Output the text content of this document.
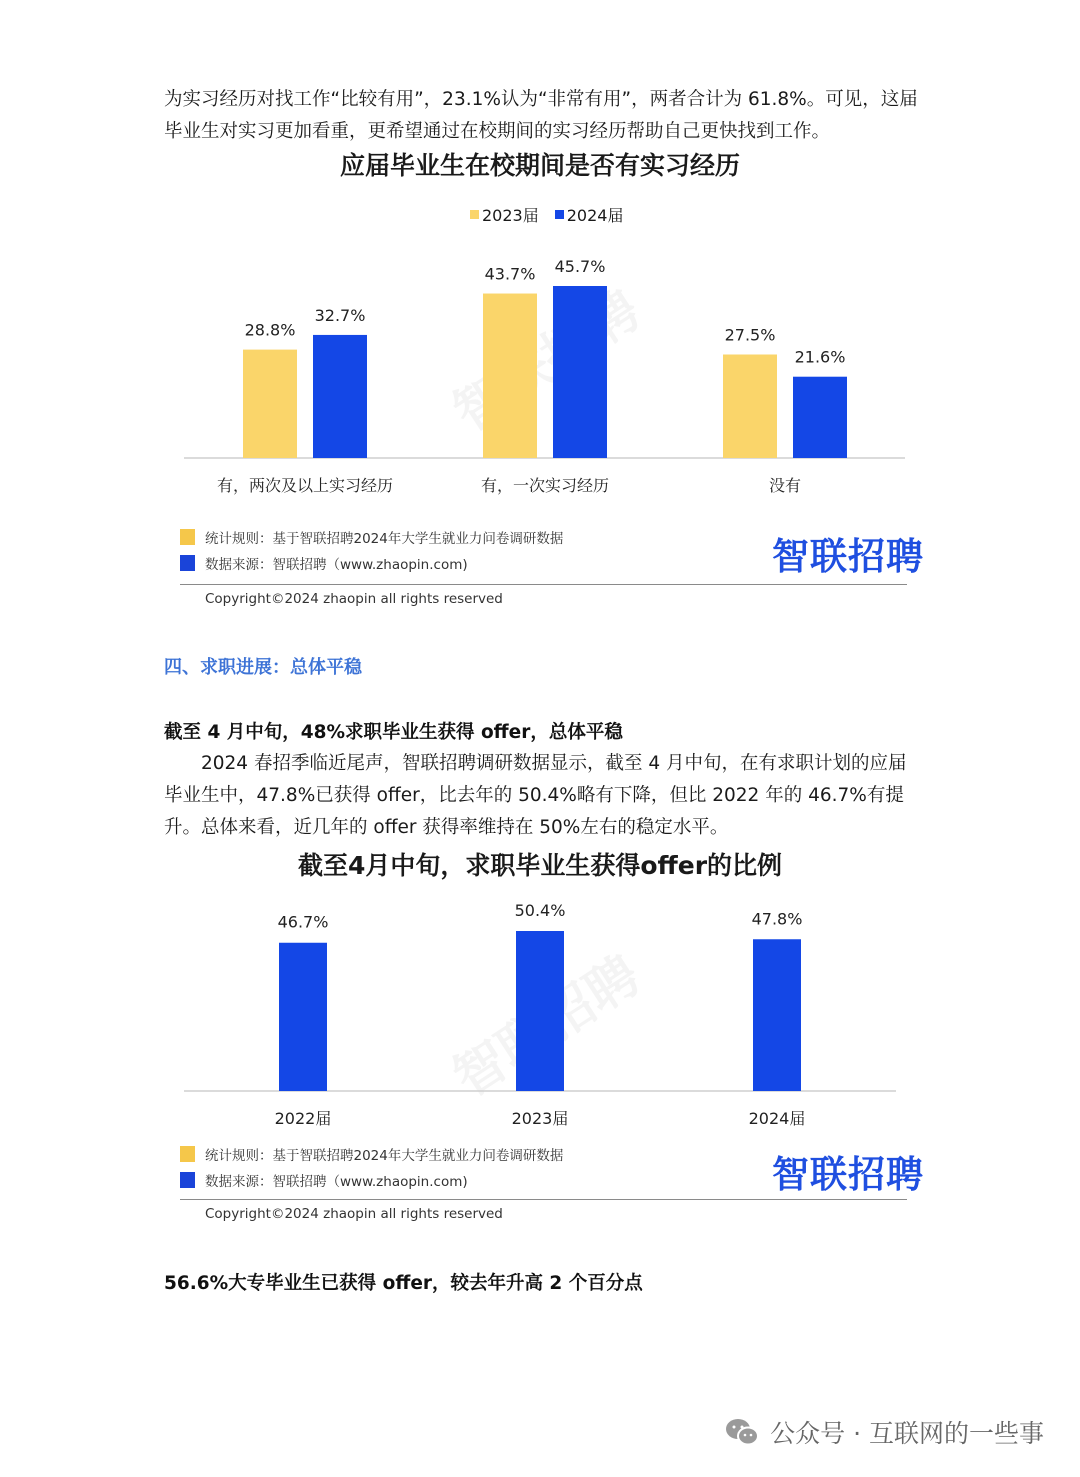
为实习经历对找工作“比较有用”，23.1%认为“非常有用”，两者合计为 61.8%。可见，这届毕业生对实习更加看重，更希望通过在校期间的实习经历帮助自己更快找到工作。

应届毕业生在校期间是否有实习经历
2023届 2024届
智联招聘
28.8%
32.7%
有，两次及以上实习经历
43.7% 45.7%
有，一次实习经历
27.5%
21.6%
没有
统计规则：基于智联招聘2024年大学生就业力问卷调研数据
数据来源：智联招聘（www.zhaopin.com)	智联招聘
Copyright©2024 zhaopin all rights reserved
四、求职进展：总体平稳
截至 4 月中旬，48%求职毕业生获得 offer，总体平稳

2024 春招季临近尾声，智联招聘调研数据显示，截至 4 月中旬，在有求职计划的应届毕业生中，47.8%已获得 offer，比去年的 50.4%略有下降，但比 2022 年的 46.7%有提升。总体来看，近几年的 offer 获得率维持在 50%左右的稳定水平。

截至4月中旬，求职毕业生获得offer的比例
46.7%
2022届
50.4%
2023届
47.8%
2024届
统计规则：基于智联招聘2024年大学生就业力问卷调研数据
数据来源：智联招聘（www.zhaopin.com)	智联招聘
Copyright©2024 zhaopin all rights reserved
56.6%大专毕业生已获得 offer，较去年升高 2 个百分点
公众号 · 互联网的一些事
